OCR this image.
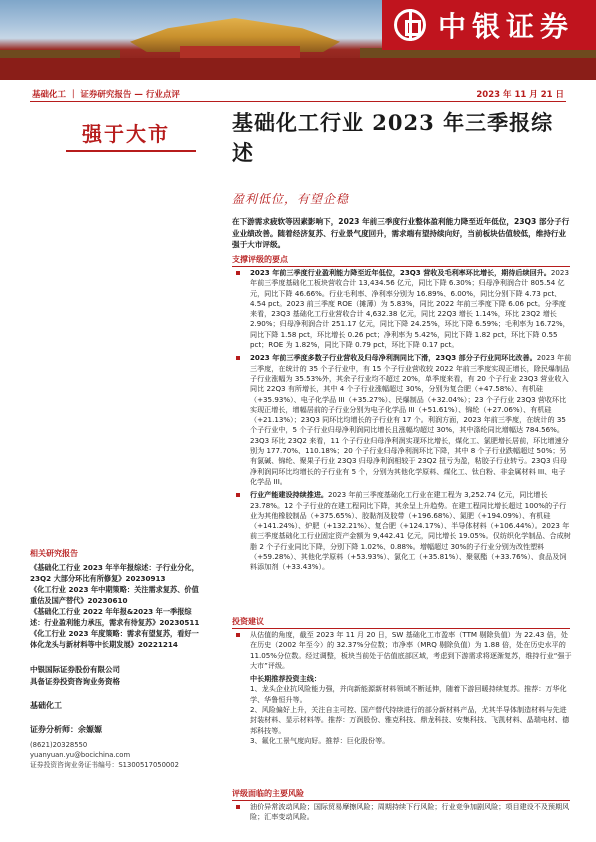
中银证券
基础化工 ｜ 证券研究报告 — 行业点评	2023 年 11 月 21 日
强于大市	基础化工行业 2023 年三季报综述
盈利低位，有望企稳
在下游需求疲软等因素影响下，2023 年前三季度行业整体盈利能力降至近年低位，23Q3 部分子行业业绩改善。随着经济复苏、行业景气度回升，需求端有望持续向好，当前板块估值较低，维持行业强于大市评级。
支撑评级的要点
2023 年前三季度行业盈利能力降至近年低位，23Q3 营收及毛利率环比增长，期待后续回升。2023 年前三季度基础化工板块营收合计 13,434.56 亿元，同比下降 6.30%；归母净利润合计 805.54 亿元，同比下降 46.66%。行业毛利率、净利率分别为 16.89%、6.00%，同比分别下降 4.73 pct、4.54 pct。2023 前三季度 ROE（摊薄）为 5.83%，同比 2022 年前三季度下降 6.06 pct。分季度来看，23Q3 基础化工行业营收合计 4,632.38 亿元，同比 22Q3 增长 1.14%，环比 23Q2 增长 2.90%；归母净利润合计 251.17 亿元，同比下降 24.25%，环比下降 6.59%；毛利率为 16.72%，同比下降 1.58 pct，环比增长 0.26 pct；净利率为 5.42%，同比下降 1.82 pct，环比下降 0.55 pct；ROE 为 1.82%，同比下降 0.79 pct，环比下降 0.17 pct。
2023 年前三季度多数子行业营收及归母净利润同比下滑，23Q3 部分子行业同环比改善。2023 年前三季度，在统计的 35 个子行业中，有 15 个子行业营收较 2022 年前三季度实现正增长，除民爆制品子行业涨幅为 35.53%外，其余子行业均不超过 20%，单季度来看，有 20 个子行业 23Q3 营业收入同比 22Q3 有所增长，其中 4 个子行业涨幅超过 30%，分别为复合肥（+47.58%）、有机硅（+35.93%）、电子化学品 III（+35.27%）、民爆制品（+32.04%）；23 个子行业 23Q3 营收环比实现正增长，增幅居前的子行业分别为电子化学品 III（+51.61%）、锦纶（+27.06%）、有机硅（+21.13%）；23Q3 同环比均增长的子行业有 17 个。利润方面，2023 年前三季度，在统计的 35 个子行业中，5 个子行业归母净利润同比增长且涨幅均超过 30%，其中涤纶同比增幅达 784.56%。23Q3 环比 23Q2 来看，11 个子行业归母净利润实现环比增长，煤化工、氯肥增长居前，环比增速分别为 177.70%、110.18%；20 个子行业归母净利润环比下降，其中 8 个子行业跌幅超过 50%；另有氯碱、锦纶、聚果子行业 23Q3 归母净利润相较于 23Q2 扭亏为盈，粘胶子行业转亏。23Q3 归母净利润同环比均增长的子行业有 5 个，分别为其他化学原料、煤化工、钛白粉、非金属材料 III、电子化学品 III。
行业产能建设持续推进。2023 年前三季度基础化工行业在建工程为 3,252.74 亿元，同比增长 23.78%。12 个子行业的在建工程同比下降，其余呈上升趋势。在建工程同比增长超过 100%的子行业为其他橡胶制品（+375.65%）、胶黏剂及胶带（+196.68%）、氮肥（+194.09%）、有机硅（+141.24%）、炉肥（+132.21%）、复合肥（+124.17%）、半导体材料（+106.44%）。2023 年前三季度基础化工行业固定资产金额为 9,442.41 亿元，同比增长 19.05%。仅纺织化学制品、合成树脂 2 个子行业同比下降，分别下降 1.02%、0.88%。增幅超过 30%的子行业分别为改性塑料（+59.28%）、其他化学原料（+53.93%）、氯化工（+35.81%）、聚氨酯（+33.76%）、食品及饲料添加剂（+33.43%）。
投资建议
从估值的角度，截至 2023 年 11 月 20 日，SW 基础化工市盈率（TTM 剔除负值）为 22.43 倍，处在历史（2002 年至今）的 32.37%分位数；市净率（MRQ 剔除负值）为 1.88 倍，处在历史水平的 11.05%分位数。经过调整，板块当前处于估值底部区域，考虑到下游需求将逐渐复苏，维持行业“强于大市”评级。
中长期推荐投资主线：
1、龙头企业抗风险能力强，并向新能源新材料领域不断延伸，随着下游回暖持续复苏。推荐：万华化学、华鲁恒升等。
2、风险偏好上升，关注自主可控、国产替代持续进行的部分新材料产品，尤其半导体制造材料与先进封装材料、显示材料等。推荐：万润股份、雅克科技、鼎龙科技、安集科技、飞凯材料、晶瑞电材、德邦科技等。
3、氟化工景气度向好。推荐：巨化股份等。
评级面临的主要风险
油价异常波动风险；国际贸易摩擦风险；周期持续下行风险；行业竞争加剧风险；项目建设不及预期风险；汇率变动风险。
相关研究报告
《基础化工行业 2023 年半年报综述：子行业分化，23Q2 大部分环比有所修复》20230913
《化工行业 2023 年中期策略：关注需求复苏、价值重估及国产替代》20230610
《基础化工行业 2022 年年报&2023 年一季报综述：行业盈利能力承压，需求有待复苏》20230511
《化工行业 2023 年度策略：需求有望复苏，看好一体化龙头与新材料等中长期发展》20221214
中银国际证券股份有限公司
具备证券投资咨询业务资格
基础化工
证券分析师：余嫄嫄
(8621)20328550
yuanyuan.yu@bocichina.com
证券投资咨询业务证书编号：S1300517050002
